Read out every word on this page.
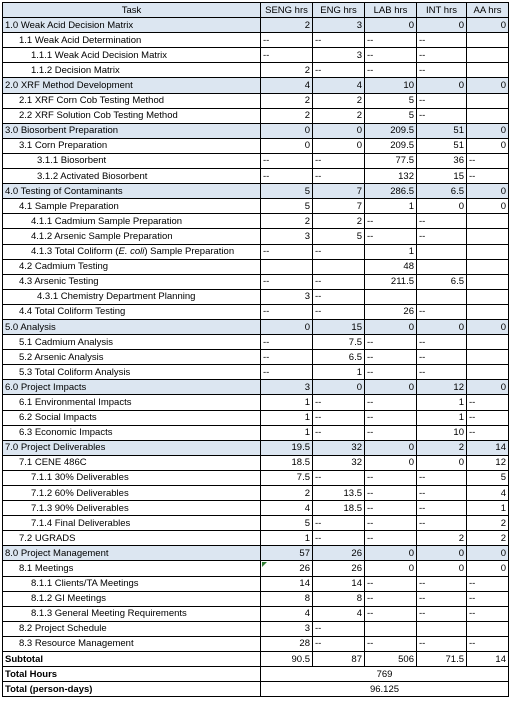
Task	SENG hrs	ENG hrs	LAB hrs	INT hrs	AA hrs
1.0 Weak Acid Decision Matrix	2	3	0	0	0
1.1 Weak Acid Determination	--	--	--	--	
1.1.1 Weak Acid Decision Matrix	--	3	--	--	
1.1.2 Decision Matrix	2	--	--	--	
2.0 XRF Method Development	4	4	10	0	0
2.1 XRF Corn Cob Testing Method	2	2	5	--	
2.2 XRF Solution Cob Testing Method	2	2	5	--	
3.0 Biosorbent Preparation	0	0	209.5	51	0
3.1 Corn Preparation	0	0	209.5	51	0
3.1.1 Biosorbent	--	--	77.5	36	--
3.1.2 Activated Biosorbent	--	--	132	15	--
4.0 Testing of Contaminants	5	7	286.5	6.5	0
4.1 Sample Preparation	5	7	1	0	0
4.1.1 Cadmium Sample Preparation	2	2	--	--	
4.1.2 Arsenic Sample Preparation	3	5	--	--	
4.1.3 Total Coliform (E. coli) Sample Preparation	--	--	1		
4.2 Cadmium Testing			48		
4.3 Arsenic Testing	--	--	211.5	6.5	
4.3.1 Chemistry Department Planning	3	--			
4.4 Total Coliform Testing	--	--	26	--	
5.0 Analysis	0	15	0	0	0
5.1 Cadmium Analysis	--	7.5	--	--	
5.2 Arsenic Analysis	--	6.5	--	--	
5.3 Total Coliform Analysis	--	1	--	--	
6.0 Project Impacts	3	0	0	12	0
6.1 Environmental Impacts	1	--	--	1	--
6.2 Social Impacts	1	--	--	1	--
6.3 Economic Impacts	1	--	--	10	--
7.0 Project Deliverables	19.5	32	0	2	14
7.1 CENE 486C	18.5	32	0	0	12
7.1.1 30% Deliverables	7.5	--	--	--	5
7.1.2 60% Deliverables	2	13.5	--	--	4
7.1.3 90% Deliverables	4	18.5	--	--	1
7.1.4 Final Deliverables	5	--	--	--	2
7.2 UGRADS	1	--	--	2	2
8.0 Project Management	57	26	0	0	0
8.1 Meetings	26	26	0	0	0
8.1.1 Clients/TA Meetings	14	14	--	--	--
8.1.2 GI Meetings	8	8	--	--	--
8.1.3 General Meeting Requirements	4	4	--	--	--
8.2 Project Schedule	3	--			
8.3 Resource Management	28	--	--	--	--
Subtotal	90.5	87	506	71.5	14
Total Hours	769				
Total (person-days)	96.125				
